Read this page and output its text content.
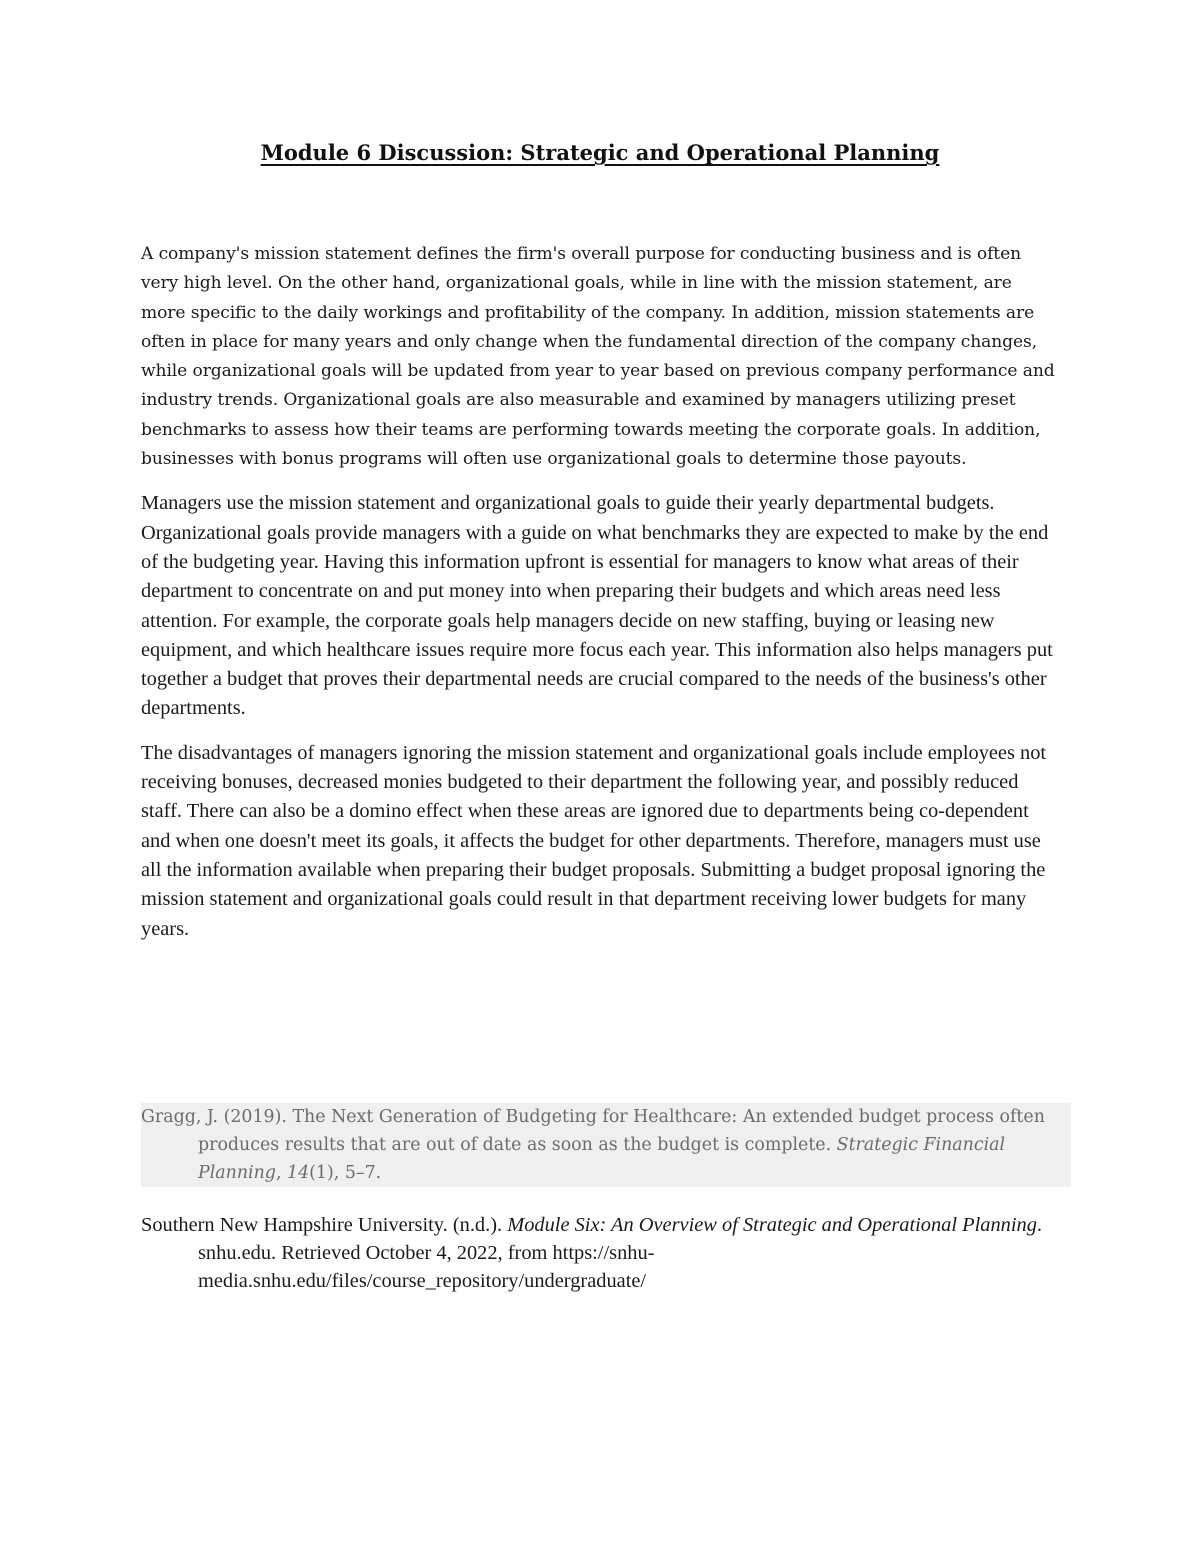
Module 6 Discussion: Strategic and Operational Planning

A company's mission statement defines the firm's overall purpose for conducting business and is often very high level. On the other hand, organizational goals, while in line with the mission statement, are more specific to the daily workings and profitability of the company. In addition, mission statements are often in place for many years and only change when the fundamental direction of the company changes, while organizational goals will be updated from year to year based on previous company performance and industry trends. Organizational goals are also measurable and examined by managers utilizing preset benchmarks to assess how their teams are performing towards meeting the corporate goals. In addition, businesses with bonus programs will often use organizational goals to determine those payouts.

Managers use the mission statement and organizational goals to guide their yearly departmental budgets. Organizational goals provide managers with a guide on what benchmarks they are expected to make by the end of the budgeting year. Having this information upfront is essential for managers to know what areas of their department to concentrate on and put money into when preparing their budgets and which areas need less attention. For example, the corporate goals help managers decide on new staffing, buying or leasing new equipment, and which healthcare issues require more focus each year. This information also helps managers put together a budget that proves their departmental needs are crucial compared to the needs of the business's other departments.

The disadvantages of managers ignoring the mission statement and organizational goals include employees not receiving bonuses, decreased monies budgeted to their department the following year, and possibly reduced staff. There can also be a domino effect when these areas are ignored due to departments being co-dependent and when one doesn't meet its goals, it affects the budget for other departments. Therefore, managers must use all the information available when preparing their budget proposals. Submitting a budget proposal ignoring the mission statement and organizational goals could result in that department receiving lower budgets for many years.

Gragg, J. (2019). The Next Generation of Budgeting for Healthcare: An extended budget process often produces results that are out of date as soon as the budget is complete. Strategic Financial Planning, 14(1), 5–7.

Southern New Hampshire University. (n.d.). Module Six: An Overview of Strategic and Operational Planning. snhu.edu. Retrieved October 4, 2022, from https://snhu-media.snhu.edu/files/course_repository/undergraduate/
